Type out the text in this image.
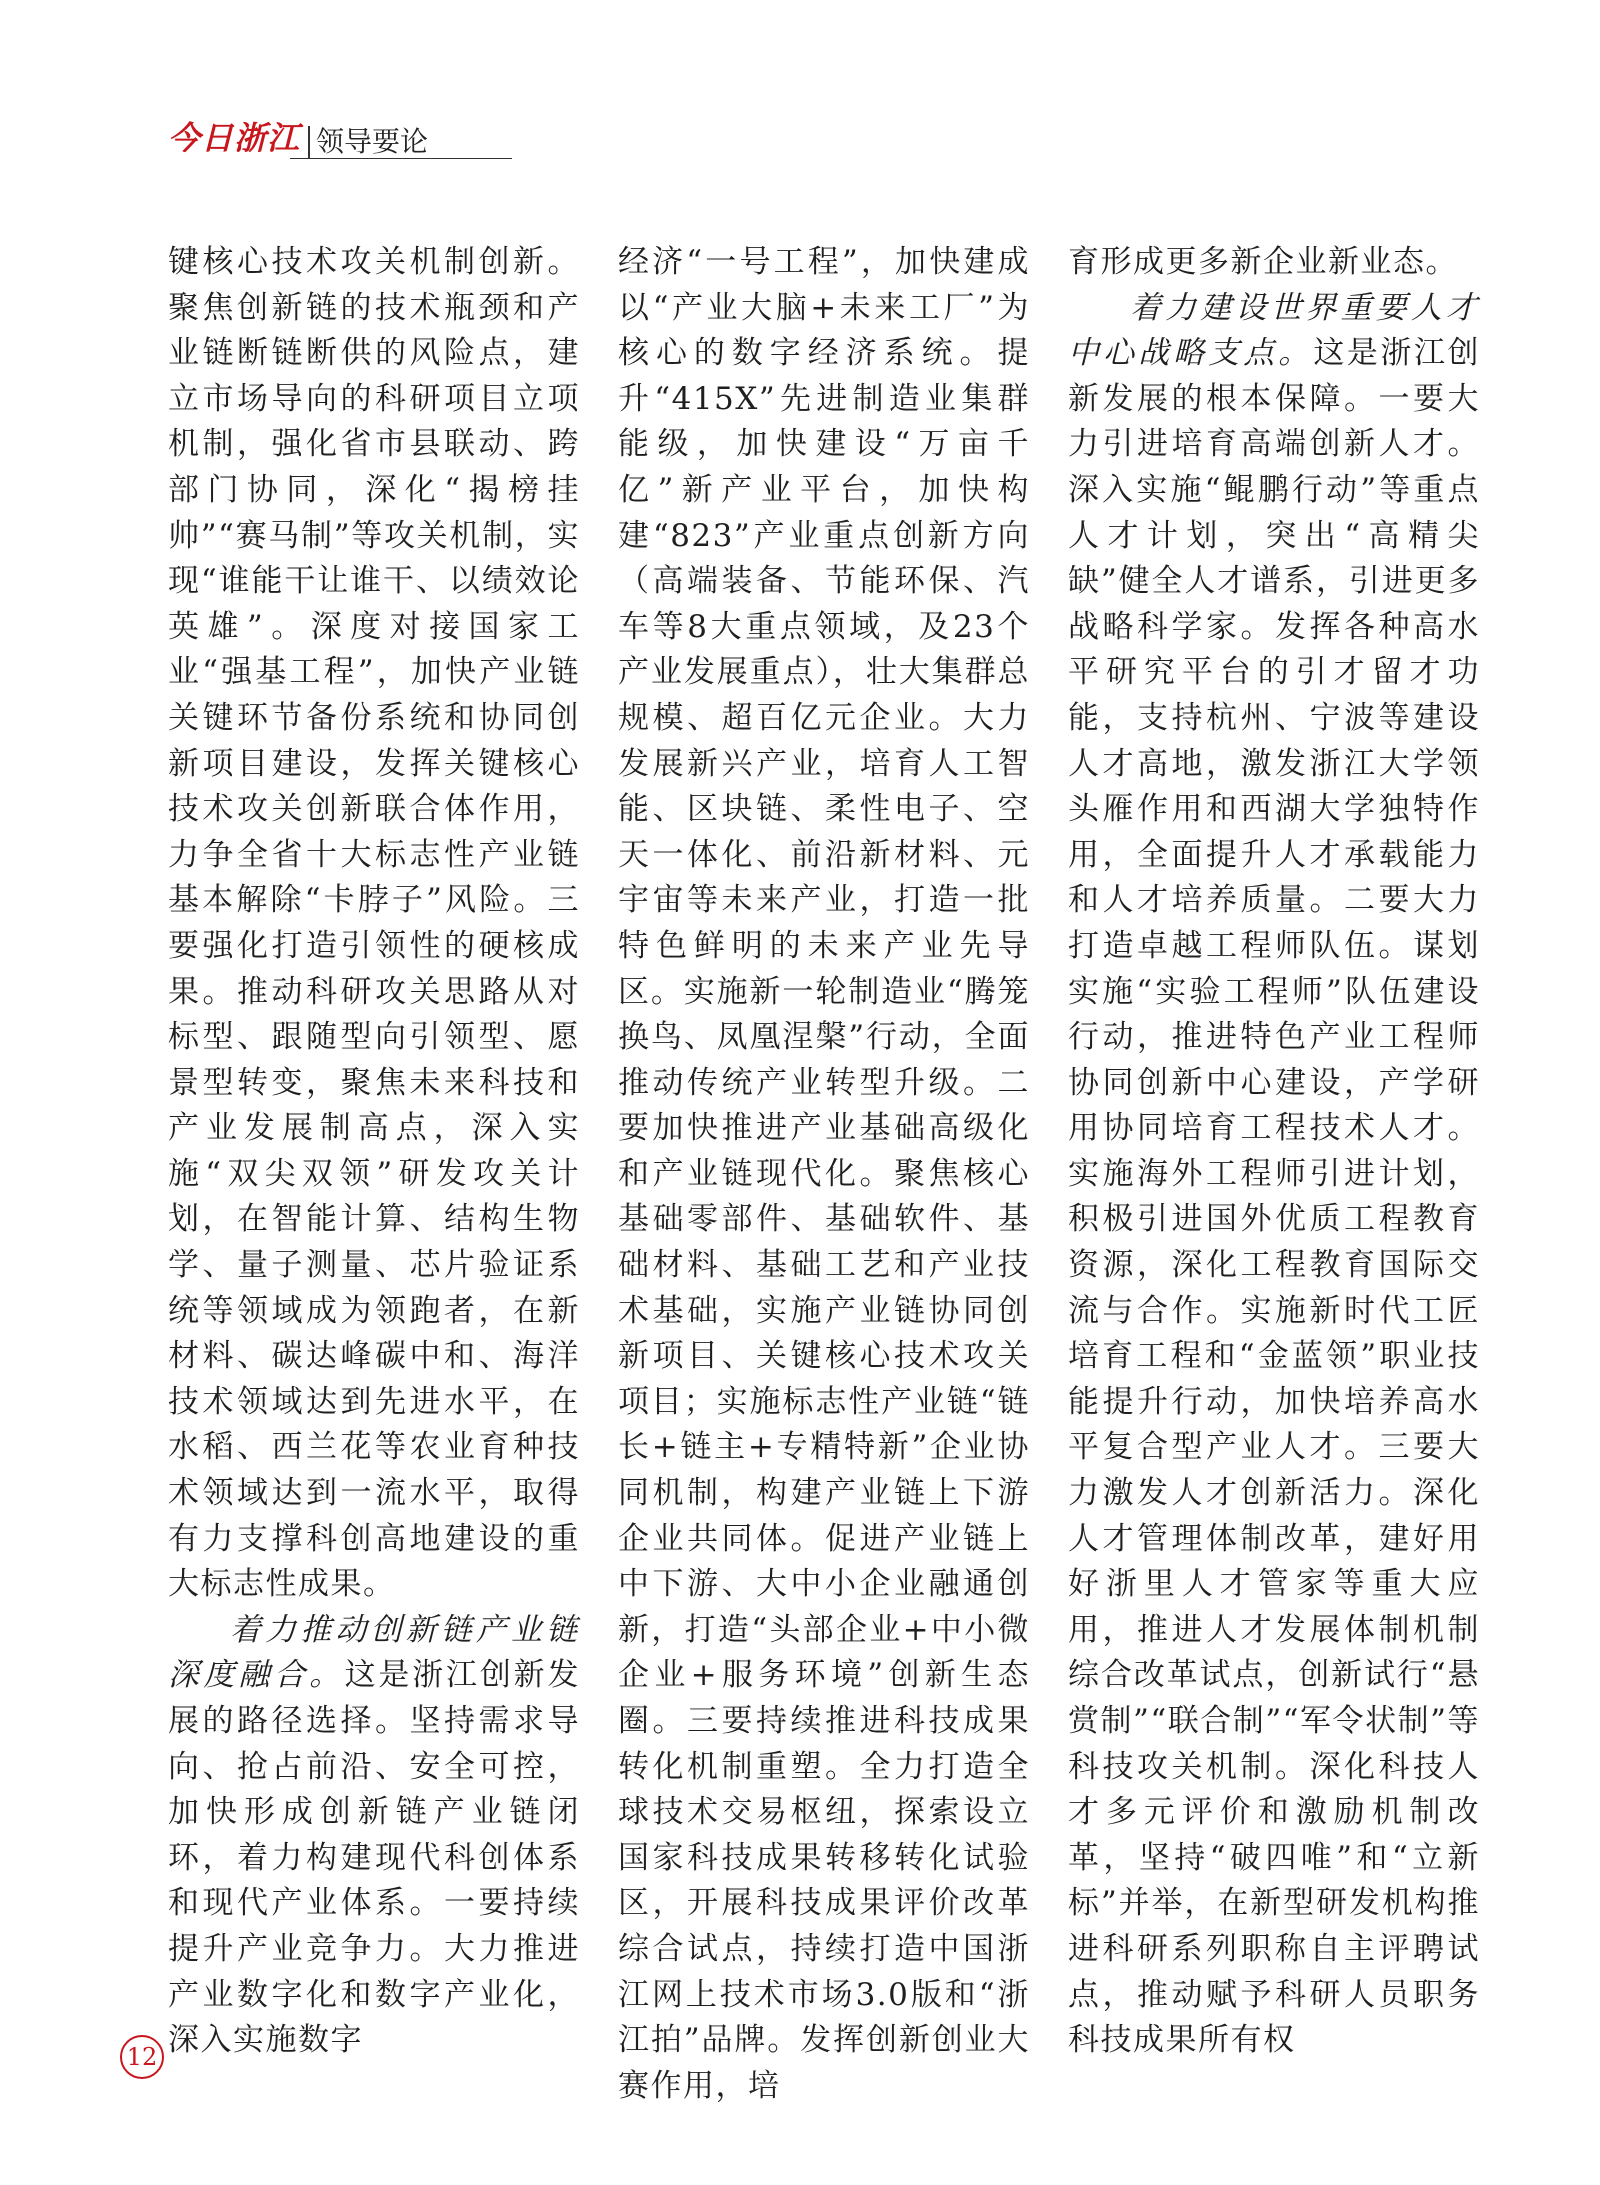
今日浙江 领导要论

键核心技术攻关机制创新。聚焦创新链的技术瓶颈和产业链断链断供的风险点，建立市场导向的科研项目立项机制，强化省市县联动、跨部门协同，深化“揭榜挂帅”“赛马制”等攻关机制，实现“谁能干让谁干、以绩效论英雄”。深度对接国家工业“强基工程”，加快产业链关键环节备份系统和协同创新项目建设，发挥关键核心技术攻关创新联合体作用，力争全省十大标志性产业链基本解除“卡脖子”风险。三要强化打造引领性的硬核成果。推动科研攻关思路从对标型、跟随型向引领型、愿景型转变，聚焦未来科技和产业发展制高点，深入实施“双尖双领”研发攻关计划，在智能计算、结构生物学、量子测量、芯片验证系统等领域成为领跑者，在新材料、碳达峰碳中和、海洋技术领域达到先进水平，在水稻、西兰花等农业育种技术领域达到一流水平，取得有力支撑科创高地建设的重大标志性成果。

着力推动创新链产业链深度融合。这是浙江创新发展的路径选择。坚持需求导向、抢占前沿、安全可控，加快形成创新链产业链闭环，着力构建现代科创体系和现代产业体系。一要持续提升产业竞争力。大力推进产业数字化和数字产业化，深入实施数字

经济“一号工程”，加快建成以“产业大脑+未来工厂”为核心的数字经济系统。提升“415X”先进制造业集群能级，加快建设“万亩千亿”新产业平台，加快构建“823”产业重点创新方向（高端装备、节能环保、汽车等8大重点领域，及23个产业发展重点），壮大集群总规模、超百亿元企业。大力发展新兴产业，培育人工智能、区块链、柔性电子、空天一体化、前沿新材料、元宇宙等未来产业，打造一批特色鲜明的未来产业先导区。实施新一轮制造业“腾笼换鸟、凤凰涅槃”行动，全面推动传统产业转型升级。二要加快推进产业基础高级化和产业链现代化。聚焦核心基础零部件、基础软件、基础材料、基础工艺和产业技术基础，实施产业链协同创新项目、关键核心技术攻关项目；实施标志性产业链“链长+链主+专精特新”企业协同机制，构建产业链上下游企业共同体。促进产业链上中下游、大中小企业融通创新，打造“头部企业+中小微企业+服务环境”创新生态圈。三要持续推进科技成果转化机制重塑。全力打造全球技术交易枢纽，探索设立国家科技成果转移转化试验区，开展科技成果评价改革综合试点，持续打造中国浙江网上技术市场3.0版和“浙江拍”品牌。发挥创新创业大赛作用，培

育形成更多新企业新业态。

着力建设世界重要人才中心战略支点。这是浙江创新发展的根本保障。一要大力引进培育高端创新人才。深入实施“鲲鹏行动”等重点人才计划，突出“高精尖缺”健全人才谱系，引进更多战略科学家。发挥各种高水平研究平台的引才留才功能，支持杭州、宁波等建设人才高地，激发浙江大学领头雁作用和西湖大学独特作用，全面提升人才承载能力和人才培养质量。二要大力打造卓越工程师队伍。谋划实施“实验工程师”队伍建设行动，推进特色产业工程师协同创新中心建设，产学研用协同培育工程技术人才。实施海外工程师引进计划，积极引进国外优质工程教育资源，深化工程教育国际交流与合作。实施新时代工匠培育工程和“金蓝领”职业技能提升行动，加快培养高水平复合型产业人才。三要大力激发人才创新活力。深化人才管理体制改革，建好用好浙里人才管家等重大应用，推进人才发展体制机制综合改革试点，创新试行“悬赏制”“联合制”“军令状制”等科技攻关机制。深化科技人才多元评价和激励机制改革，坚持“破四唯”和“立新标”并举，在新型研发机构推进科研系列职称自主评聘试点，推动赋予科研人员职务科技成果所有权

12
